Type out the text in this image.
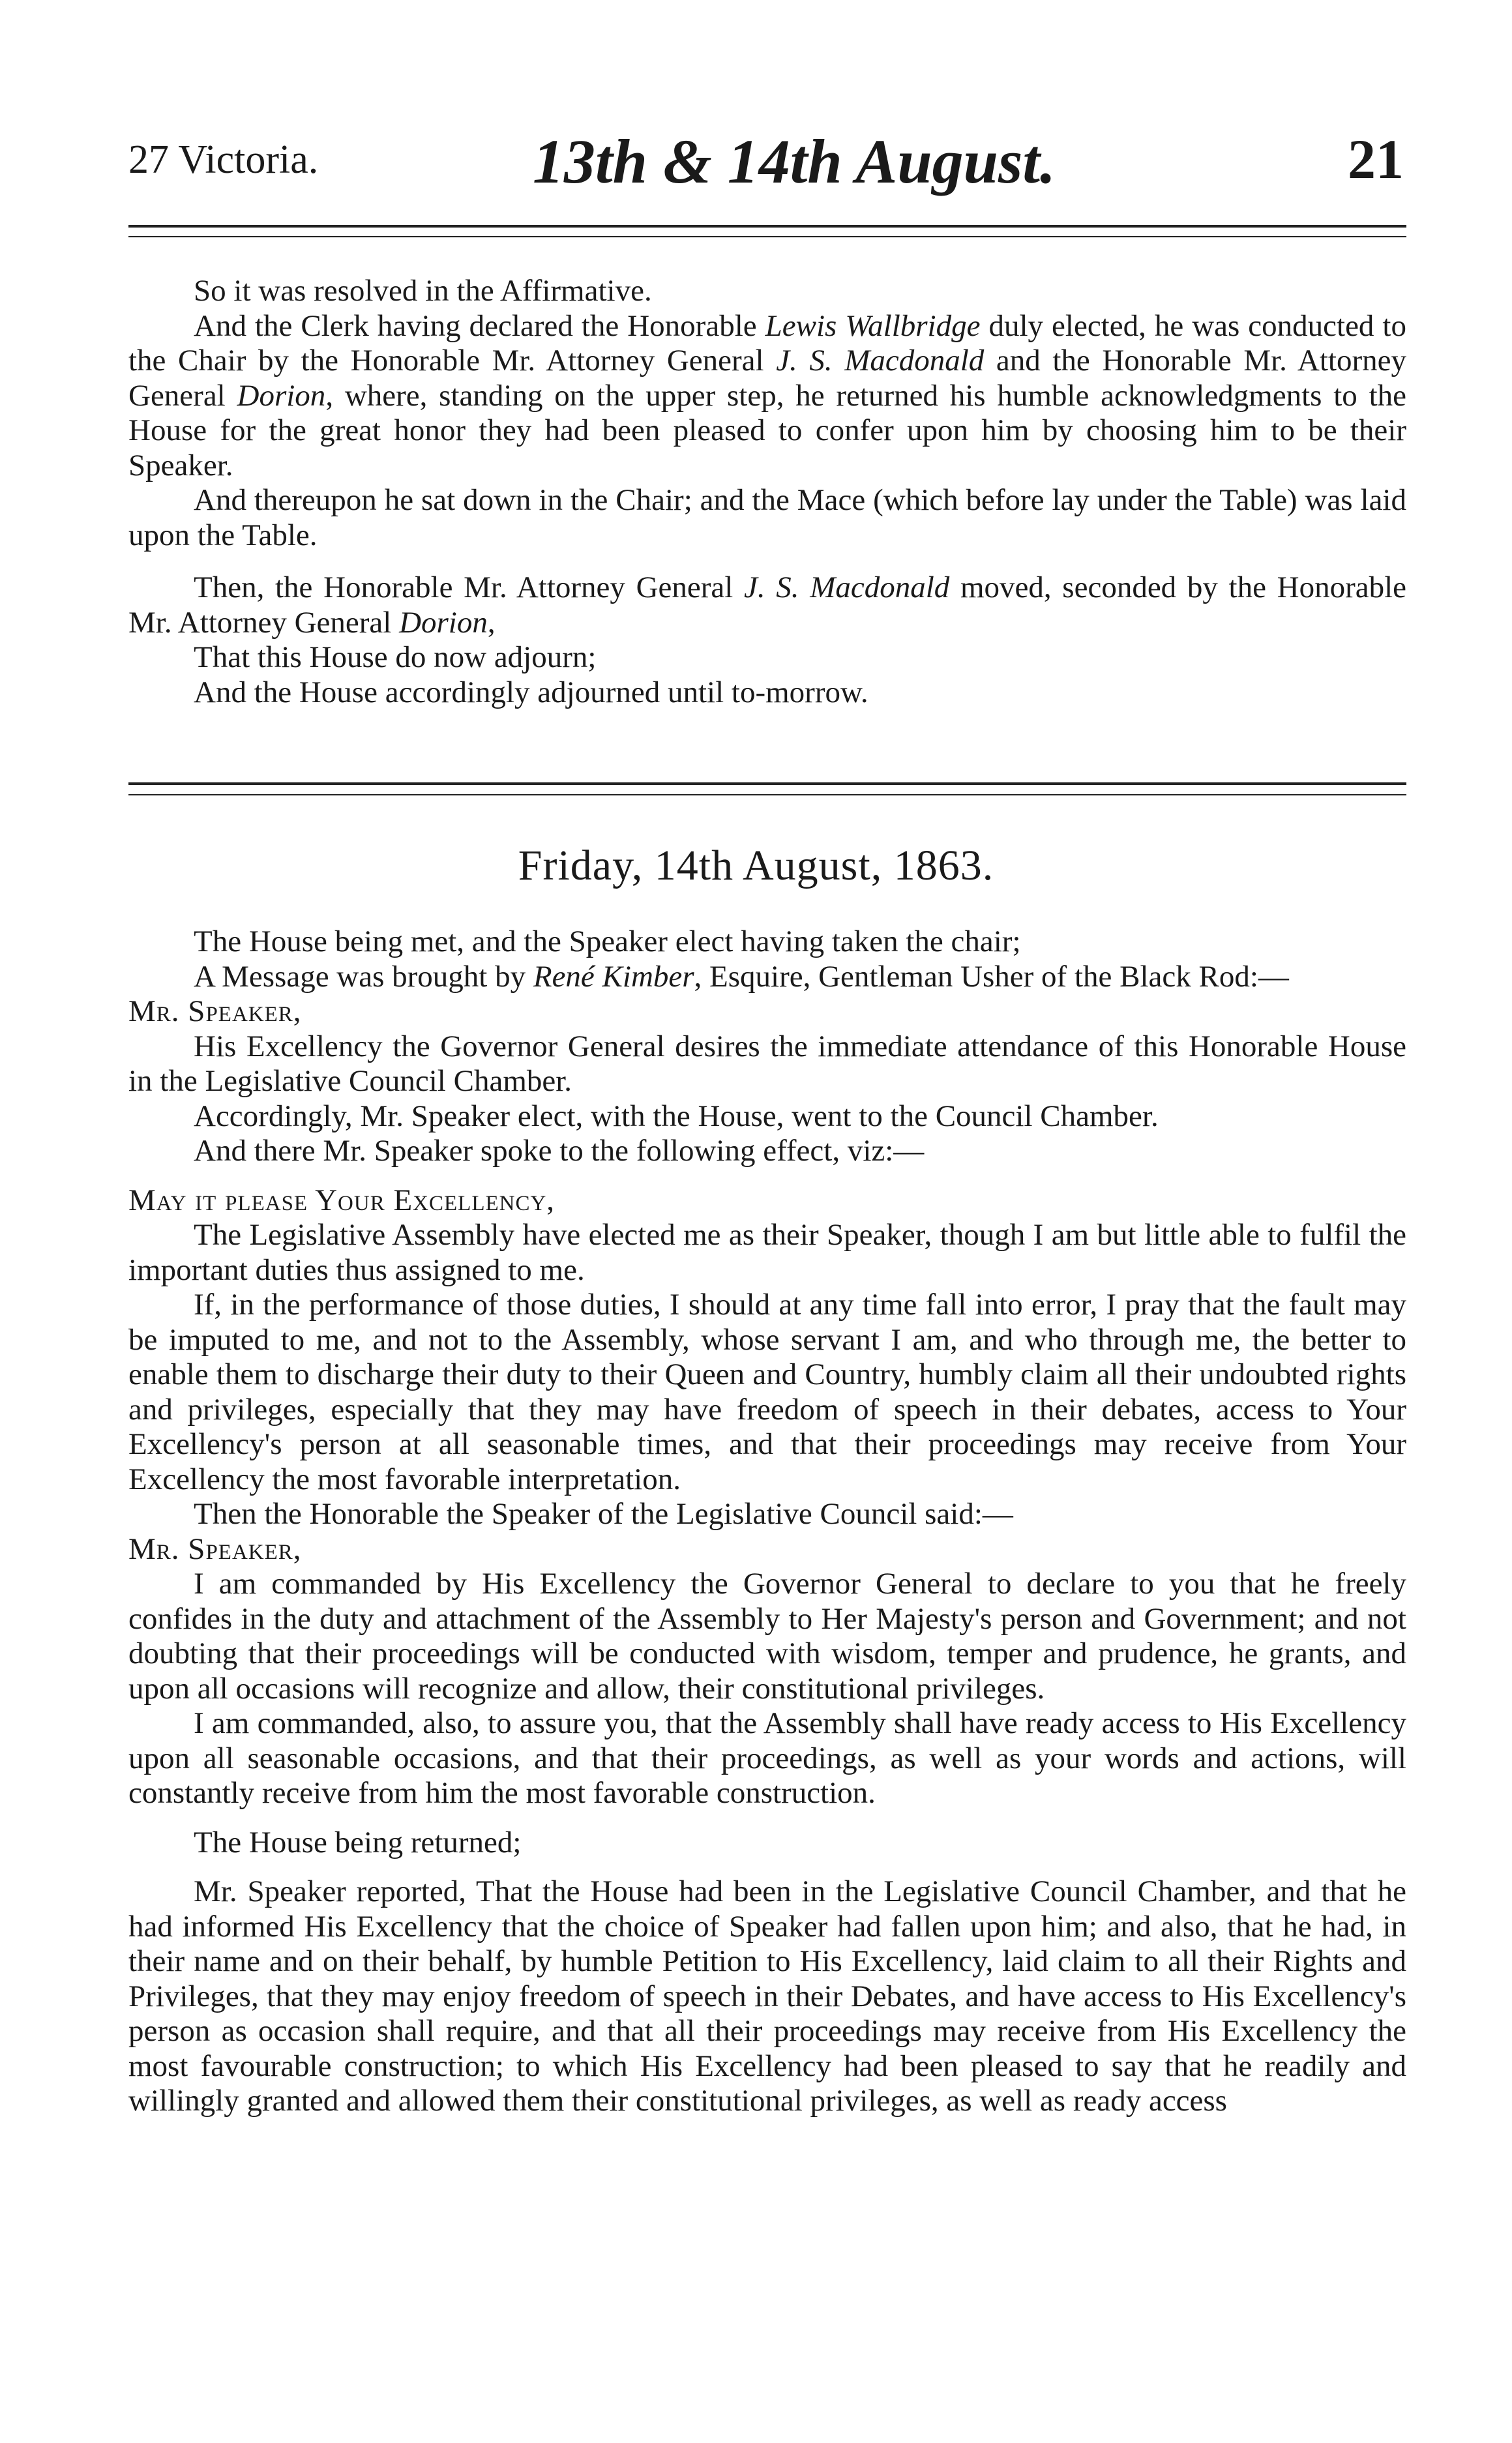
27 Victoria.	13th & 14th August.	21

So it was resolved in the Affirmative.

And the Clerk having declared the Honorable Lewis Wallbridge duly elected, he was conducted to the Chair by the Honorable Mr. Attorney General J. S. Macdonald and the Honorable Mr. Attorney General Dorion, where, standing on the upper step, he returned his humble acknowledgments to the House for the great honor they had been pleased to confer upon him by choosing him to be their Speaker.

And thereupon he sat down in the Chair; and the Mace (which before lay under the Table) was laid upon the Table.

Then, the Honorable Mr. Attorney General J. S. Macdonald moved, seconded by the Honorable Mr. Attorney General Dorion,

That this House do now adjourn;

And the House accordingly adjourned until to-morrow.

Friday, 14th August, 1863.

The House being met, and the Speaker elect having taken the chair;

A Message was brought by René Kimber, Esquire, Gentleman Usher of the Black Rod:—

Mr. Speaker,

His Excellency the Governor General desires the immediate attendance of this Honorable House in the Legislative Council Chamber.

Accordingly, Mr. Speaker elect, with the House, went to the Council Chamber.

And there Mr. Speaker spoke to the following effect, viz:—

May it please Your Excellency,

The Legislative Assembly have elected me as their Speaker, though I am but little able to fulfil the important duties thus assigned to me.

If, in the performance of those duties, I should at any time fall into error, I pray that the fault may be imputed to me, and not to the Assembly, whose servant I am, and who through me, the better to enable them to discharge their duty to their Queen and Country, humbly claim all their undoubted rights and privileges, especially that they may have freedom of speech in their debates, access to Your Excellency's person at all seasonable times, and that their proceedings may receive from Your Excellency the most favorable interpretation.

Then the Honorable the Speaker of the Legislative Council said:—

Mr. Speaker,

I am commanded by His Excellency the Governor General to declare to you that he freely confides in the duty and attachment of the Assembly to Her Majesty's person and Government; and not doubting that their proceedings will be conducted with wisdom, temper and prudence, he grants, and upon all occasions will recognize and allow, their constitutional privileges.

I am commanded, also, to assure you, that the Assembly shall have ready access to His Excellency upon all seasonable occasions, and that their proceedings, as well as your words and actions, will constantly receive from him the most favorable construction.

The House being returned;

Mr. Speaker reported, That the House had been in the Legislative Council Chamber, and that he had informed His Excellency that the choice of Speaker had fallen upon him; and also, that he had, in their name and on their behalf, by humble Petition to His Excellency, laid claim to all their Rights and Privileges, that they may enjoy freedom of speech in their Debates, and have access to His Excellency's person as occasion shall require, and that all their proceedings may receive from His Excellency the most favourable construction; to which His Excellency had been pleased to say that he readily and willingly granted and allowed them their constitutional privileges, as well as ready access
